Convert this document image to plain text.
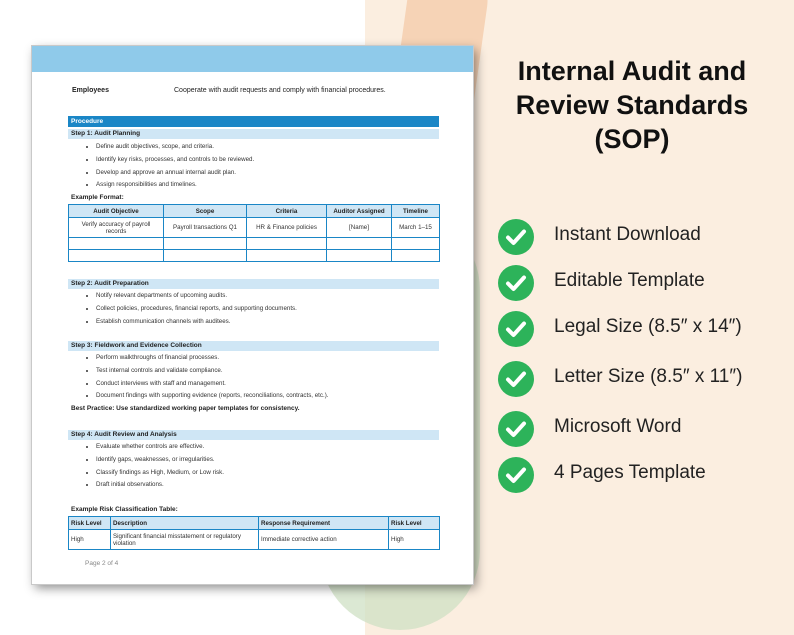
Employees	Cooperate with audit requests and comply with financial procedures.
Procedure
Step 1: Audit Planning
• Define audit objectives, scope, and criteria.
• Identify key risks, processes, and controls to be reviewed.
• Develop and approve an annual internal audit plan.
• Assign responsibilities and timelines.
Example Format:
Audit Objective	Scope	Criteria	Auditor Assigned	Timeline
Verify accuracy of payroll records	Payroll transactions Q1	HR & Finance policies	[Name]	March 1–15

Step 2: Audit Preparation
• Notify relevant departments of upcoming audits.
• Collect policies, procedures, financial reports, and supporting documents.
• Establish communication channels with auditees.
Step 3: Fieldwork and Evidence Collection
• Perform walkthroughs of financial processes.
• Test internal controls and validate compliance.
• Conduct interviews with staff and management.
• Document findings with supporting evidence (reports, reconciliations, contracts, etc.).
Best Practice: Use standardized working paper templates for consistency.
Step 4: Audit Review and Analysis
• Evaluate whether controls are effective.
• Identify gaps, weaknesses, or irregularities.
• Classify findings as High, Medium, or Low risk.
• Draft initial observations.
Example Risk Classification Table:
Risk Level	Description	Response Requirement	Risk Level
High	Significant financial misstatement or regulatory violation	Immediate corrective action	High
Page 2 of 4
Internal Audit and
Review Standards
(SOP)
Instant Download
Editable Template
Legal Size (8.5″ x 14″)
Letter Size (8.5″ x 11″)
Microsoft Word
4 Pages Template
